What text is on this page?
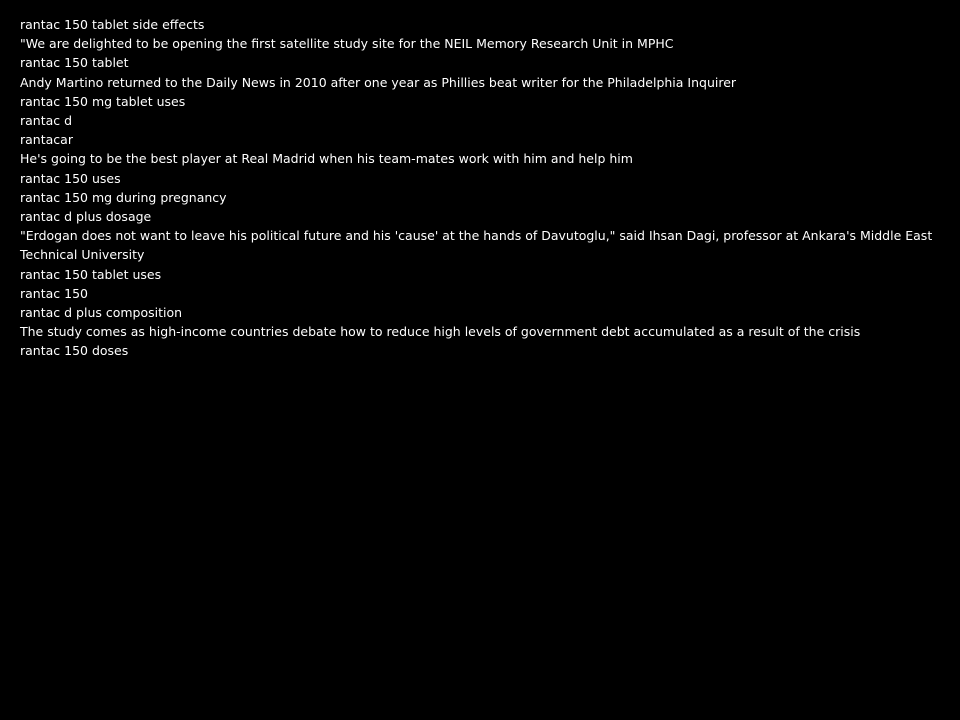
rantac 150 tablet side effects
"We are delighted to be opening the first satellite study site for the NEIL Memory Research Unit in MPHC
rantac 150 tablet
Andy Martino returned to the Daily News in 2010 after one year as Phillies beat writer for the Philadelphia Inquirer
rantac 150 mg tablet uses
rantac d
rantacar
He's going to be the best player at Real Madrid when his team-mates work with him and help him
rantac 150 uses
rantac 150 mg during pregnancy
rantac d plus dosage
"Erdogan does not want to leave his political future and his 'cause' at the hands of Davutoglu," said Ihsan Dagi, professor at Ankara's Middle East Technical University
rantac 150 tablet uses
rantac 150
rantac d plus composition
The study comes as high-income countries debate how to reduce high levels of government debt accumulated as a result of the crisis
rantac 150 doses
